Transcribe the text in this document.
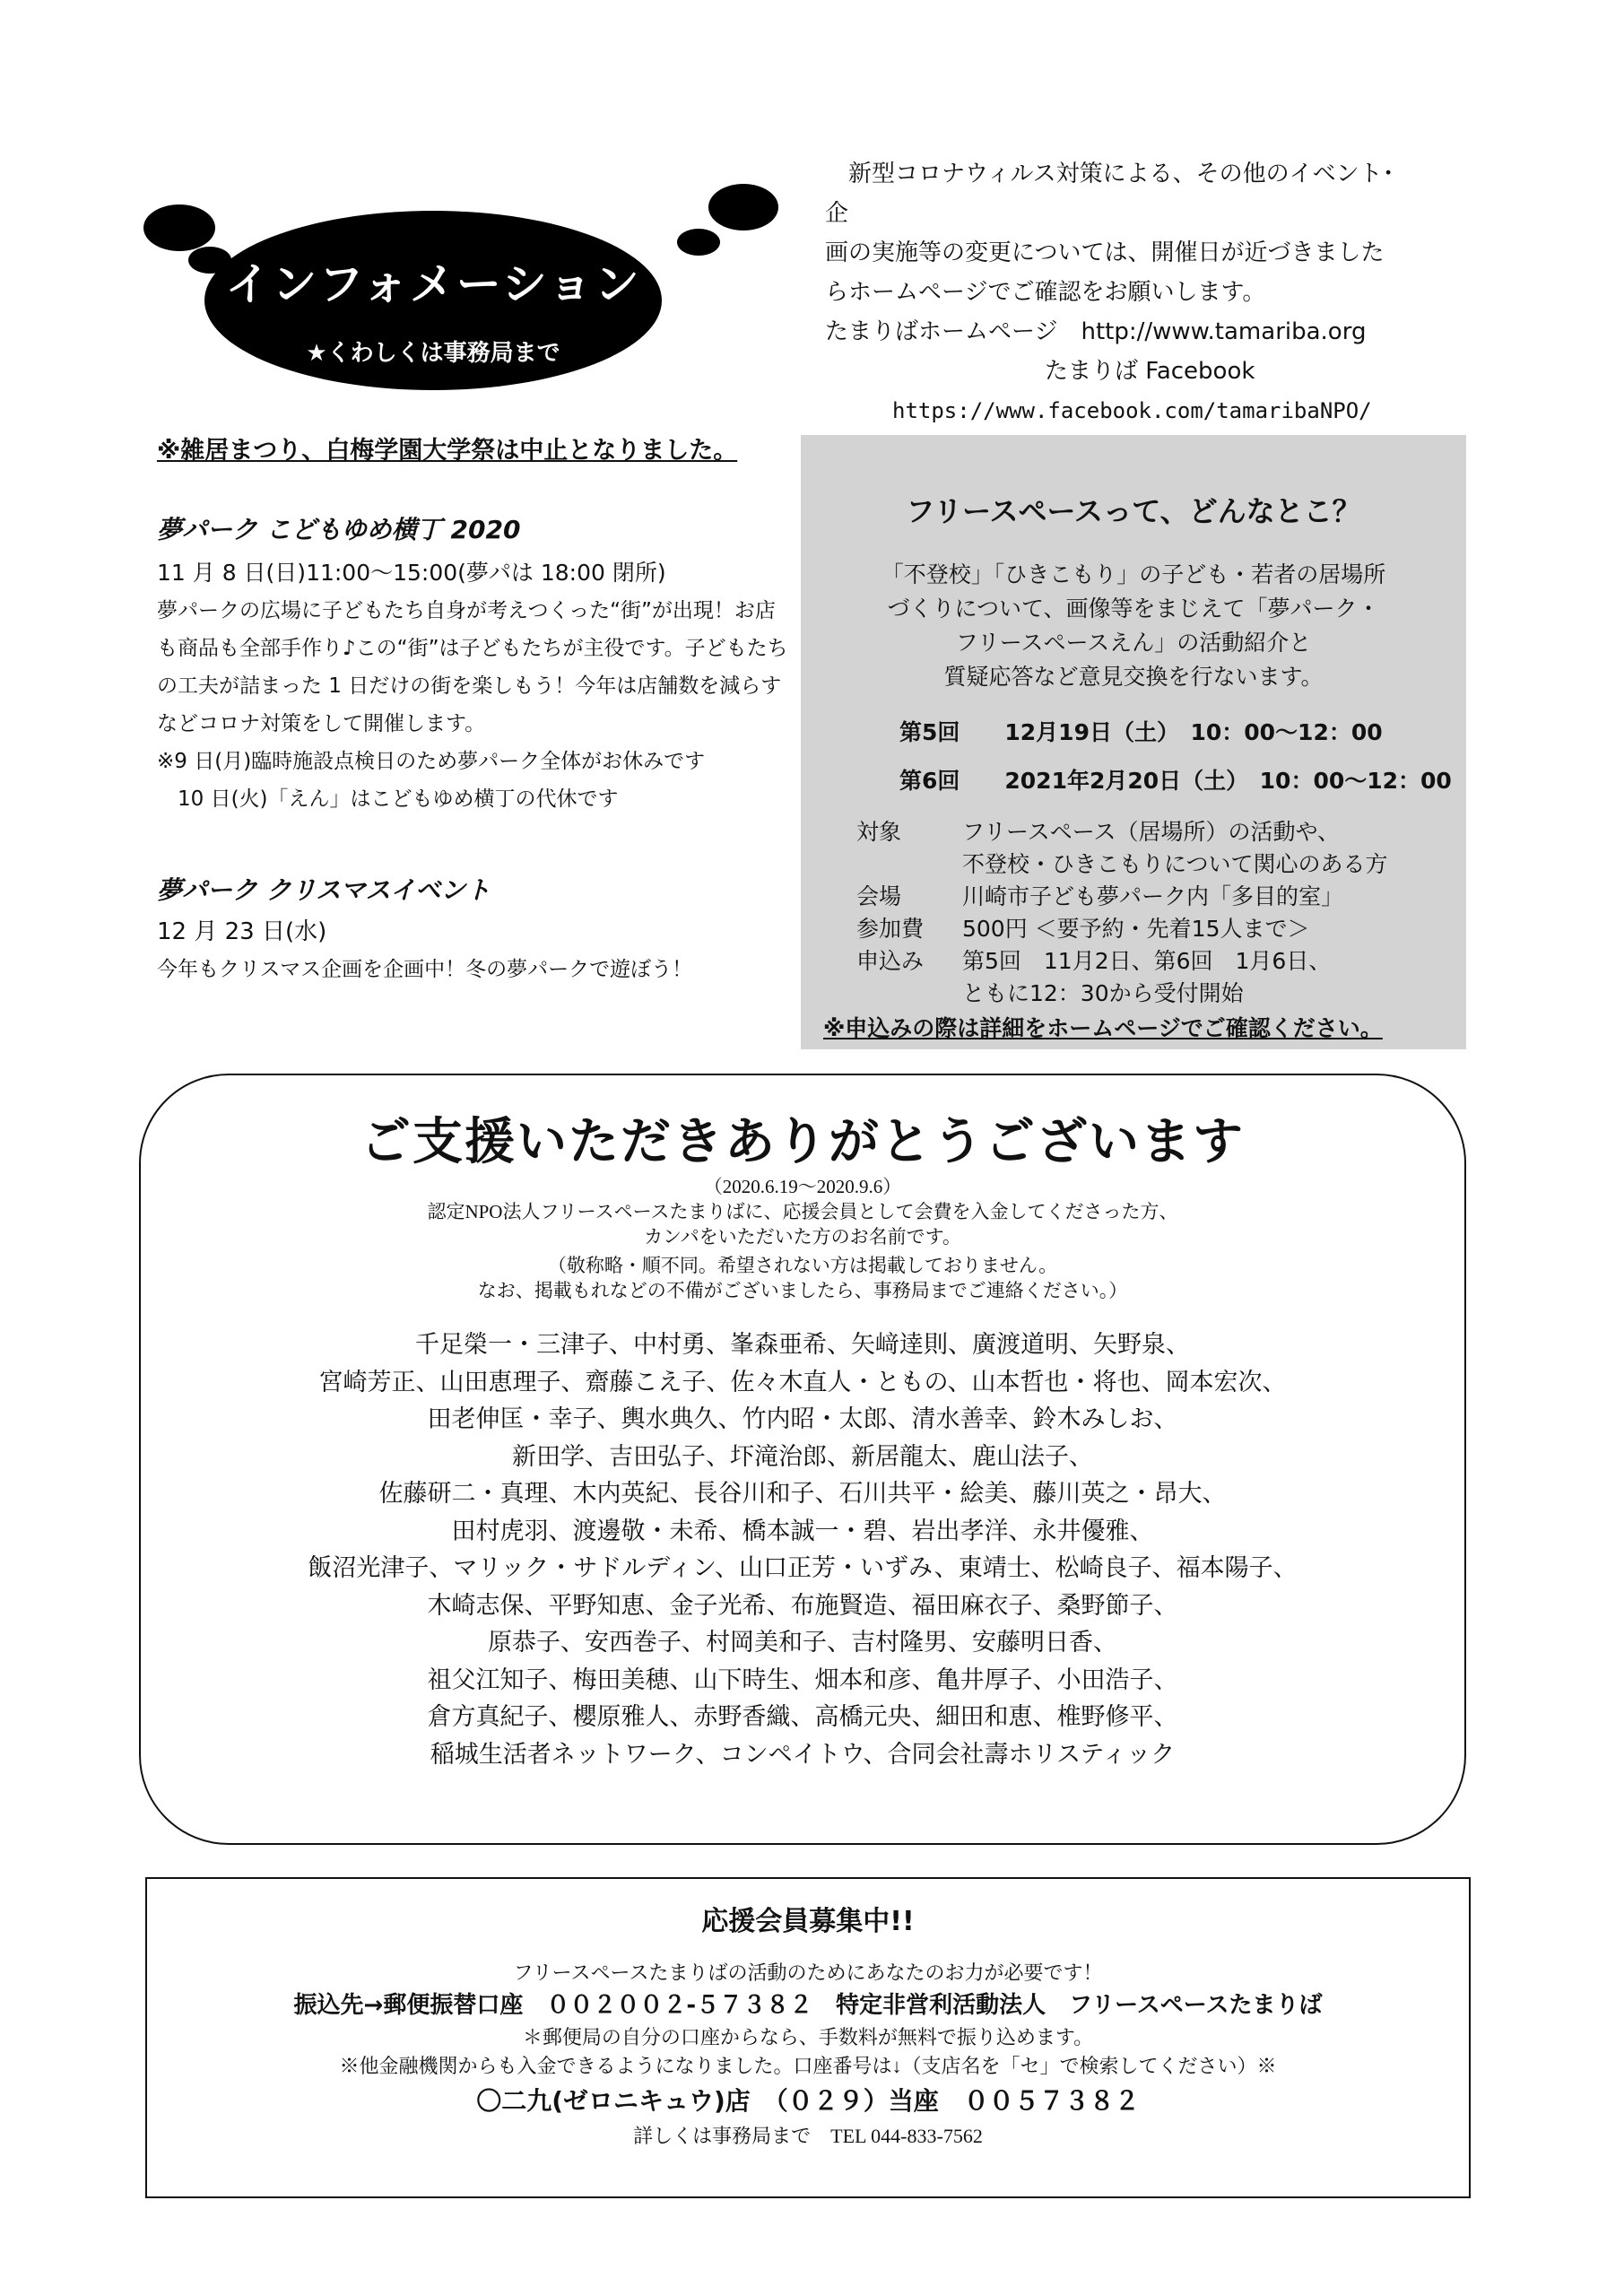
インフォメーション
★くわしくは事務局まで

　新型コロナウィルス対策による、その他のイベント･企

画の実施等の変更については、開催日が近づきました

らホームページでご確認をお願いします。

たまりばホームページ　http://www.tamariba.org

たまりば Facebook

https://www.facebook.com/tamaribaNPO/

※雑居まつり、白梅学園大学祭は中止となりました。
夢パーク こどもゆめ横丁 2020
11 月 8 日(日)11:00～15:00(夢パは 18:00 閉所)
夢パークの広場に子どもたち自身が考えつくった“街”が出現！お店
も商品も全部手作り♪この“街”は子どもたちが主役です。子どもたち
の工夫が詰まった 1 日だけの街を楽しもう！今年は店舗数を減らす
などコロナ対策をして開催します。
※9 日(月)臨時施設点検日のため夢パーク全体がお休みです
　10 日(火)「えん」はこどもゆめ横丁の代休です
夢パーク クリスマスイベント
12 月 23 日(水)
今年もクリスマス企画を企画中！冬の夢パークで遊ぼう！
フリースペースって、どんなとこ？
「不登校」「ひきこもり」の子ども・若者の居場所
づくりについて、画像等をまじえて「夢パーク・
フリースペースえん」の活動紹介と
質疑応答など意見交換を行ないます。
第5回　　12月19日（土）　10：00～12：00
第6回　　2021年2月20日（土）　10：00～12：00
対象	フリースペース（居場所）の活動や、
不登校・ひきこもりについて関心のある方
会場	川崎市子ども夢パーク内「多目的室」
参加費	500円 ＜要予約・先着15人まで＞
申込み	第5回　11月2日、第6回　1月6日、
ともに12：30から受付開始
※申込みの際は詳細をホームページでご確認ください。
ご支援いただきありがとうございます
（2020.6.19～2020.9.6）
認定NPO法人フリースペースたまりばに、応援会員として会費を入金してくださった方、
カンパをいただいた方のお名前です。
（敬称略・順不同。希望されない方は掲載しておりません。
なお、掲載もれなどの不備がございましたら、事務局までご連絡ください。）
千足榮一・三津子、中村勇、峯森亜希、矢﨑逹則、廣渡道明、矢野泉、
宮崎芳正、山田恵理子、齋藤こえ子、佐々木直人・ともの、山本哲也・将也、岡本宏次、
田老伸匡・幸子、輿水典久、竹内昭・太郎、清水善幸、鈴木みしお、
新田学、吉田弘子、圷滝治郎、新居龍太、鹿山法子、
佐藤研二・真理、木内英紀、長谷川和子、石川共平・絵美、藤川英之・昂大、
田村虎羽、渡邊敬・未希、橋本誠一・碧、岩出孝洋、永井優雅、
飯沼光津子、マリック・サドルディン、山口正芳・いずみ、東靖士、松崎良子、福本陽子、
木崎志保、平野知恵、金子光希、布施賢造、福田麻衣子、桑野節子、
原恭子、安西巻子、村岡美和子、吉村隆男、安藤明日香、
祖父江知子、梅田美穂、山下時生、畑本和彦、亀井厚子、小田浩子、
倉方真紀子、櫻原雅人、赤野香織、高橋元央、細田和恵、椎野修平、
稲城生活者ネットワーク、コンペイトウ、合同会社壽ホリスティック
応援会員募集中!!
フリースペースたまりばの活動のためにあなたのお力が必要です！
振込先→郵便振替口座　００２００２-５７３８２　特定非営利活動法人　フリースペースたまりば
＊郵便局の自分の口座からなら、手数料が無料で振り込めます。
※他金融機関からも入金できるようになりました。口座番号は↓（支店名を「セ」で検索してください）※
〇二九(ゼロニキュウ)店　（０２９）当座　００５７３８２
詳しくは事務局まで　TEL 044-833-7562
